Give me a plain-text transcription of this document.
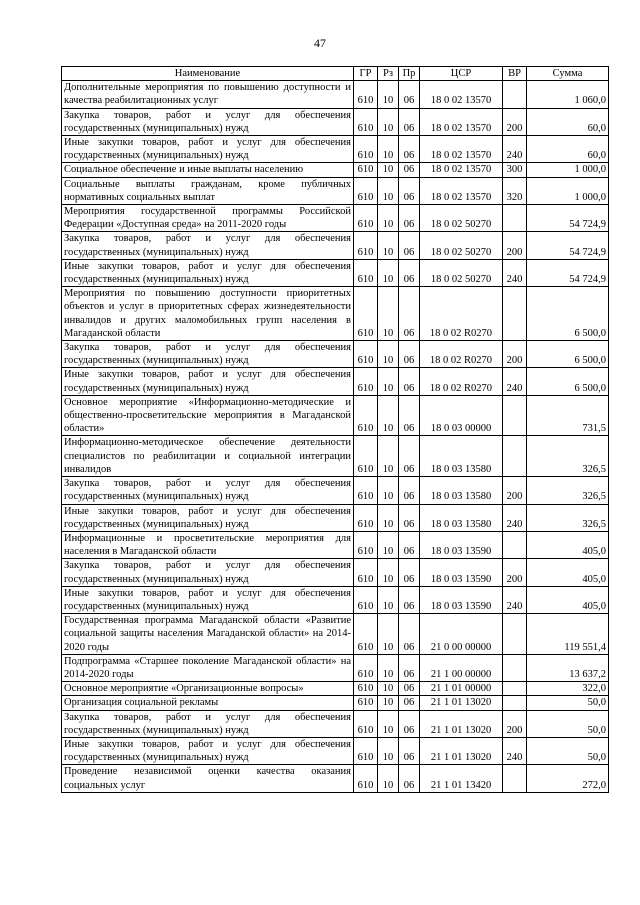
47
Наименование	ГР	Рз	Пр	ЦСР	ВР	Сумма
Дополнительные мероприятия по повышению доступности и качества реабилитационных услуг	610	10	06	18 0 02 13570		1 060,0
Закупка товаров, работ и услуг для обеспечения государственных (муниципальных) нужд	610	10	06	18 0 02 13570	200	60,0
Иные закупки товаров, работ и услуг для обеспечения государственных (муниципальных) нужд	610	10	06	18 0 02 13570	240	60,0
Социальное обеспечение и иные выплаты населению	610	10	06	18 0 02 13570	300	1 000,0
Социальные выплаты гражданам, кроме публичных нормативных социальных выплат	610	10	06	18 0 02 13570	320	1 000,0
Мероприятия государственной программы Российской Федерации «Доступная среда» на 2011-2020 годы	610	10	06	18 0 02 50270		54 724,9
Закупка товаров, работ и услуг для обеспечения государственных (муниципальных) нужд	610	10	06	18 0 02 50270	200	54 724,9
Иные закупки товаров, работ и услуг для обеспечения государственных (муниципальных) нужд	610	10	06	18 0 02 50270	240	54 724,9
Мероприятия по повышению доступности приоритетных объектов и услуг в приоритетных сферах жизнедеятельности инвалидов и других маломобильных групп населения в Магаданской области	610	10	06	18 0 02 R0270		6 500,0
Закупка товаров, работ и услуг для обеспечения государственных (муниципальных) нужд	610	10	06	18 0 02 R0270	200	6 500,0
Иные закупки товаров, работ и услуг для обеспечения государственных (муниципальных) нужд	610	10	06	18 0 02 R0270	240	6 500,0
Основное мероприятие «Информационно-методические и общественно-просветительские мероприятия в Магаданской области»	610	10	06	18 0 03 00000		731,5
Информационно-методическое обеспечение деятельности специалистов по реабилитации и социальной интеграции инвалидов	610	10	06	18 0 03 13580		326,5
Закупка товаров, работ и услуг для обеспечения государственных (муниципальных) нужд	610	10	06	18 0 03 13580	200	326,5
Иные закупки товаров, работ и услуг для обеспечения государственных (муниципальных) нужд	610	10	06	18 0 03 13580	240	326,5
Информационные и просветительские мероприятия для населения в Магаданской области	610	10	06	18 0 03 13590		405,0
Закупка товаров, работ и услуг для обеспечения государственных (муниципальных) нужд	610	10	06	18 0 03 13590	200	405,0
Иные закупки товаров, работ и услуг для обеспечения государственных (муниципальных) нужд	610	10	06	18 0 03 13590	240	405,0
Государственная программа Магаданской области «Развитие социальной защиты населения Магаданской области» на 2014-2020 годы	610	10	06	21 0 00 00000		119 551,4
Подпрограмма «Старшее поколение Магаданской области» на 2014-2020 годы	610	10	06	21 1 00 00000		13 637,2
Основное мероприятие «Организационные вопросы»	610	10	06	21 1 01 00000		322,0
Организация социальной рекламы	610	10	06	21 1 01 13020		50,0
Закупка товаров, работ и услуг для обеспечения государственных (муниципальных) нужд	610	10	06	21 1 01 13020	200	50,0
Иные закупки товаров, работ и услуг для обеспечения государственных (муниципальных) нужд	610	10	06	21 1 01 13020	240	50,0
Проведение независимой оценки качества оказания социальных услуг	610	10	06	21 1 01 13420		272,0
